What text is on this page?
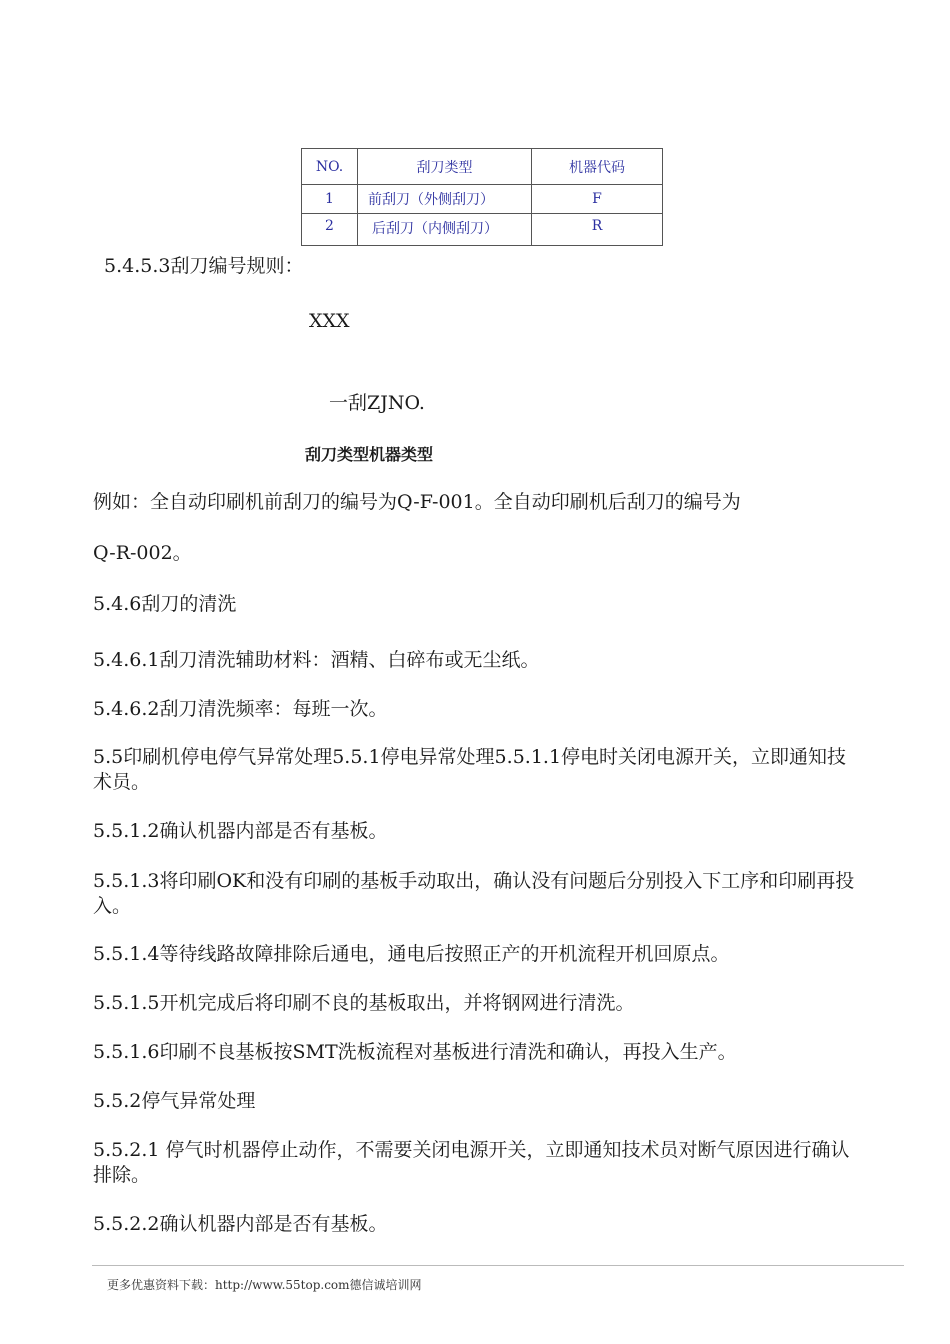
NO.	刮刀类型	机器代码
1	前刮刀（外侧刮刀）	F
2	后刮刀（内侧刮刀）	R

5.4.5.3刮刀编号规则：

XXX

一刮ZJNO.

刮刀类型机器类型

例如：全自动印刷机前刮刀的编号为Q-F-001。全自动印刷机后刮刀的编号为

Q-R-002。

5.4.6刮刀的清洗

5.4.6.1刮刀清洗辅助材料：酒精、白碎布或无尘纸。

5.4.6.2刮刀清洗频率：每班一次。

5.5印刷机停电停气异常处理5.5.1停电异常处理5.5.1.1停电时关闭电源开关，立即通知技术员。

5.5.1.2确认机器内部是否有基板。

5.5.1.3将印刷OK和没有印刷的基板手动取出，确认没有问题后分别投入下工序和印刷再投入。

5.5.1.4等待线路故障排除后通电，通电后按照正产的开机流程开机回原点。

5.5.1.5开机完成后将印刷不良的基板取出，并将钢网进行清洗。

5.5.1.6印刷不良基板按SMT洗板流程对基板进行清洗和确认，再投入生产。

5.5.2停气异常处理

5.5.2.1 停气时机器停止动作，不需要关闭电源开关，立即通知技术员对断气原因进行确认排除。

5.5.2.2确认机器内部是否有基板。

更多优惠资料下载：http://www.55top.com德信诚培训网
